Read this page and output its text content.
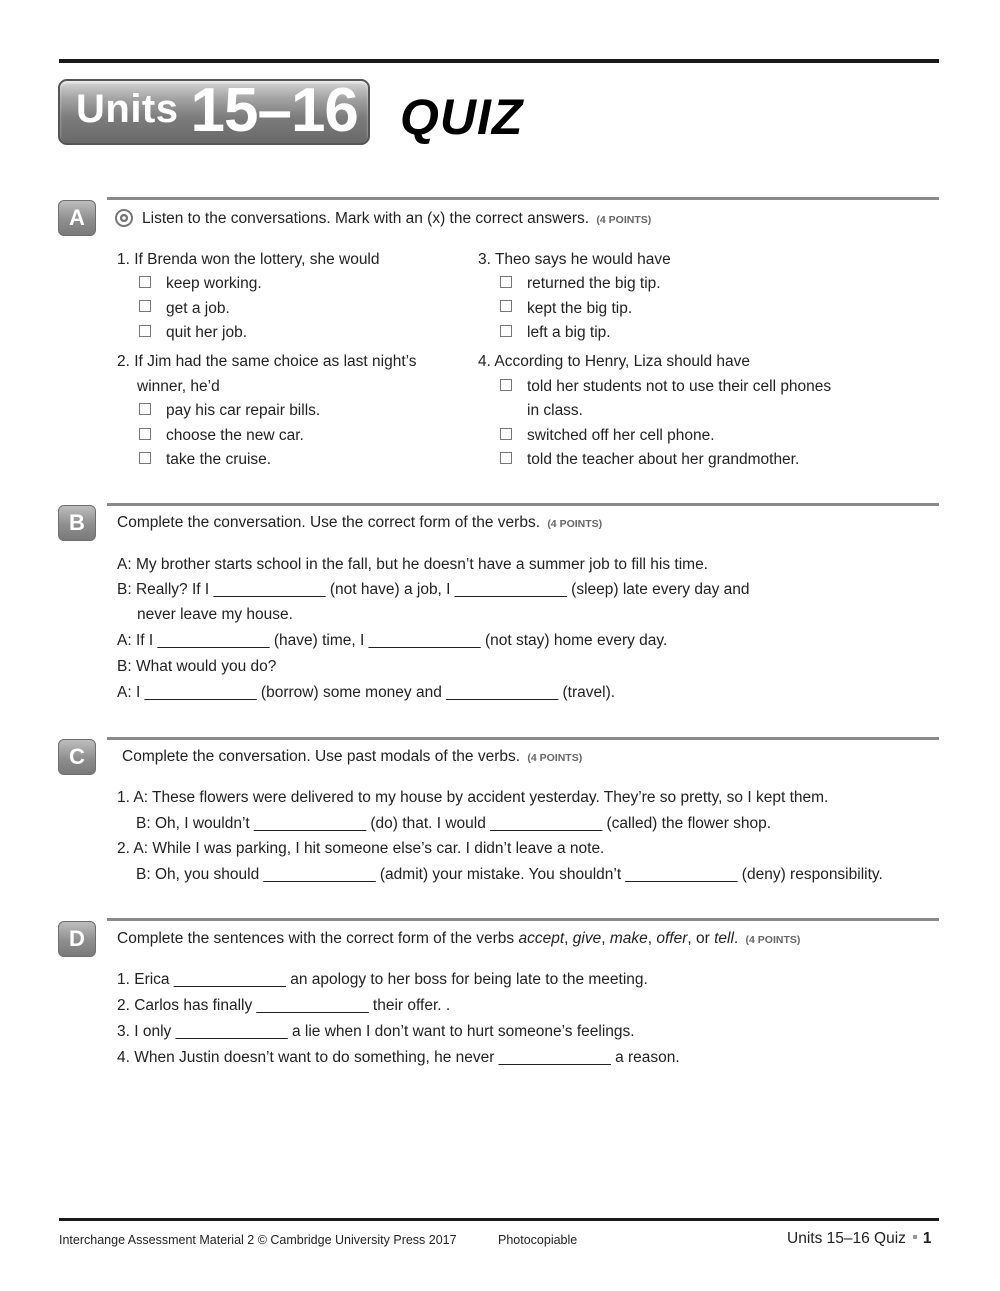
Units 15–16 QUIZ
A	Listen to the conversations. Mark with an (x) the correct answers. (4 POINTS)
1. If Brenda won the lottery, she would
keep working.
get a job.
quit her job.
2. If Jim had the same choice as last night’s
winner, he’d
pay his car repair bills.
choose the new car.
take the cruise.
3. Theo says he would have
returned the big tip.
kept the big tip.
left a big tip.
4. According to Henry, Liza should have
told her students not to use their cell phones
in class.
switched off her cell phone.
told the teacher about her grandmother.
B	Complete the conversation. Use the correct form of the verbs. (4 POINTS)
A: My brother starts school in the fall, but he doesn’t have a summer job to fill his time.
B: Really? If I _____________ (not have) a job, I _____________ (sleep) late every day and
never leave my house.
A: If I _____________ (have) time, I _____________ (not stay) home every day.
B: What would you do?
A: I _____________ (borrow) some money and _____________ (travel).
C	Complete the conversation. Use past modals of the verbs. (4 POINTS)
1. A: These flowers were delivered to my house by accident yesterday. They’re so pretty, so I kept them.
B: Oh, I wouldn’t _____________ (do) that. I would _____________ (called) the flower shop.
2. A: While I was parking, I hit someone else’s car. I didn’t leave a note.
B: Oh, you should _____________ (admit) your mistake. You shouldn’t _____________ (deny) responsibility.
D	Complete the sentences with the correct form of the verbs accept, give, make, offer, or tell. (4 POINTS)
1. Erica _____________ an apology to her boss for being late to the meeting.
2. Carlos has finally _____________ their offer. .
3. I only _____________ a lie when I don’t want to hurt someone’s feelings.
4. When Justin doesn’t want to do something, he never _____________ a reason.
Interchange Assessment Material 2 © Cambridge University Press 2017	Photocopiable	Units 15–16 Quiz 1
